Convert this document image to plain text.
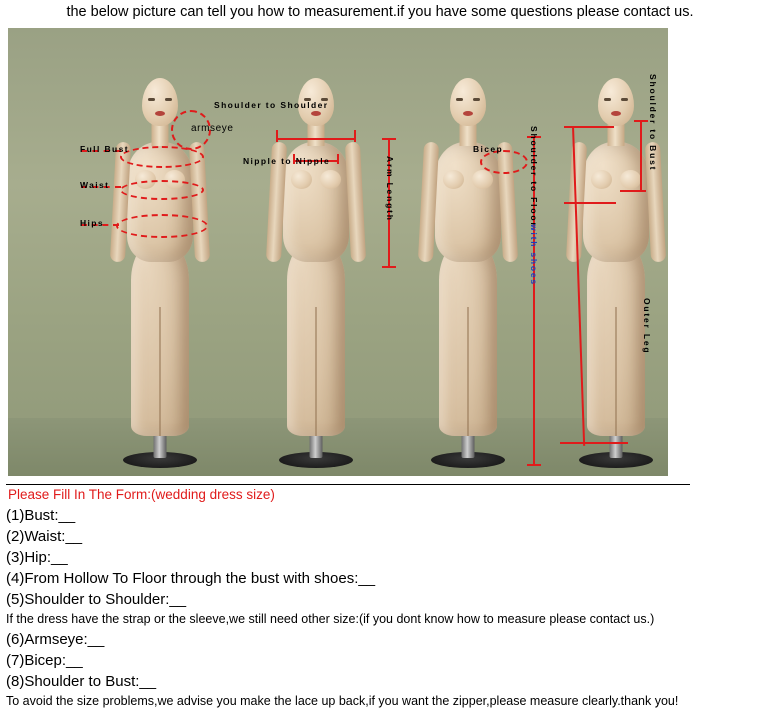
the below picture can tell you how to measurement.if you have some questions please contact us.
Full Bust
Waist
Hips
armseye
Shoulder to Shoulder
Nipple to Nipple	Arm Length
Bicep	Shoulder to Floor
with shoes
Shoulder to Bust
Outer Leg
Please Fill In The Form:(wedding dress size)
(1)Bust:__
(2)Waist:__
(3)Hip:__
(4)From Hollow To Floor through the bust with shoes:__
(5)Shoulder to Shoulder:__
If the dress have the strap or the sleeve,we still need other size:(if you dont know how to measure please contact us.)
(6)Armseye:__
(7)Bicep:__
(8)Shoulder to Bust:__
To avoid the size problems,we advise you make the lace up back,if you want the zipper,please measure clearly.thank you!
